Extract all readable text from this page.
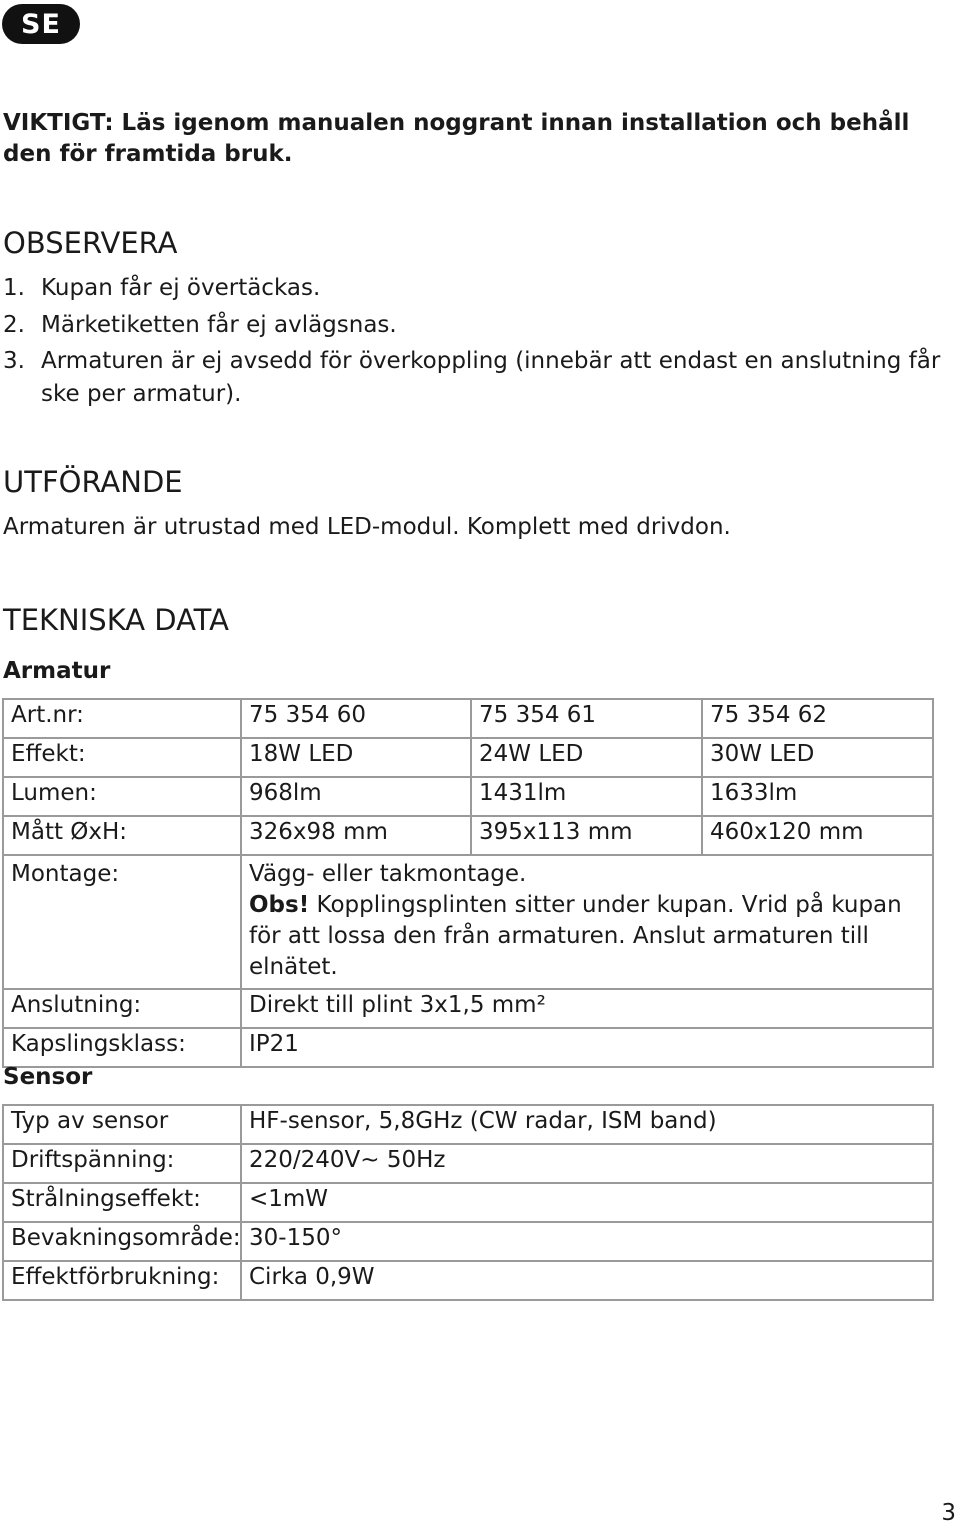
SE
VIKTIGT: Läs igenom manualen noggrant innan installation och behåll den för framtida bruk.
OBSERVERA
1. Kupan får ej övertäckas.
2. Märketiketten får ej avlägsnas.
3. Armaturen är ej avsedd för överkoppling (innebär att endast en anslutning får ske per armatur).
UTFÖRANDE
Armaturen är utrustad med LED-modul. Komplett med drivdon.
TEKNISKA DATA
Armatur
Art.nr:	75 354 60	75 354 61	75 354 62
Effekt:	18W LED	24W LED	30W LED
Lumen:	968lm	1431lm	1633lm
Mått ØxH:	326x98 mm	395x113 mm	460x120 mm
Montage:	Vägg- eller takmontage.
Obs! Kopplingsplinten sitter under kupan. Vrid på kupan för att lossa den från armaturen. Anslut armaturen till elnätet.		

Anslutning:	Direkt till plint 3x1,5 mm²		
Kapslingsklass:	IP21		
Sensor
Typ av sensor	HF-sensor, 5,8GHz (CW radar, ISM band)
Driftspänning:	220/240V~ 50Hz
Strålningseffekt:	<1mW
Bevakningsområde:	30-150°
Effektförbrukning:	Cirka 0,9W
3
